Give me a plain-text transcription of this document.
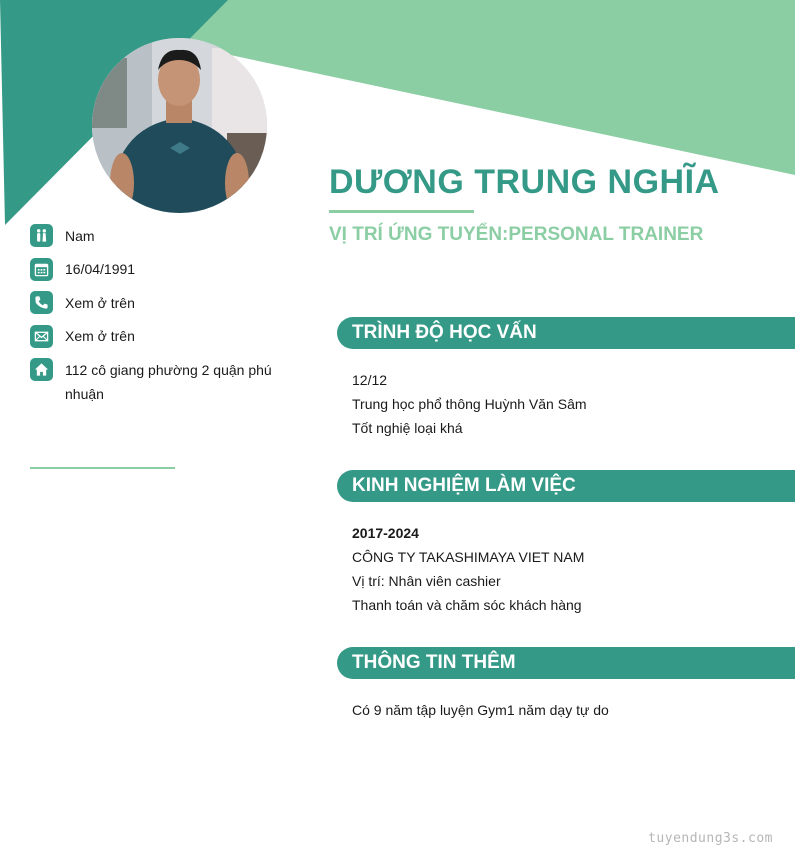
DƯƠNG TRUNG NGHĨA
VỊ TRÍ ỨNG TUYỂN:PERSONAL TRAINER
Nam
16/04/1991
Xem ở trên
Xem ở trên
112 cô giang phường 2 quận phú nhuận
TRÌNH ĐỘ HỌC VẤN
12/12
Trung học phổ thông Huỳnh Văn Sâm
Tốt nghiệ loại khá
KINH NGHIỆM LÀM VIỆC
2017-2024
CÔNG TY TAKASHIMAYA VIET NAM
Vị trí: Nhân viên cashier
Thanh toán và chăm sóc khách hàng
THÔNG TIN THÊM
Có 9 năm tập luyện Gym1 năm dạy tự do
tuyendung3s.com
